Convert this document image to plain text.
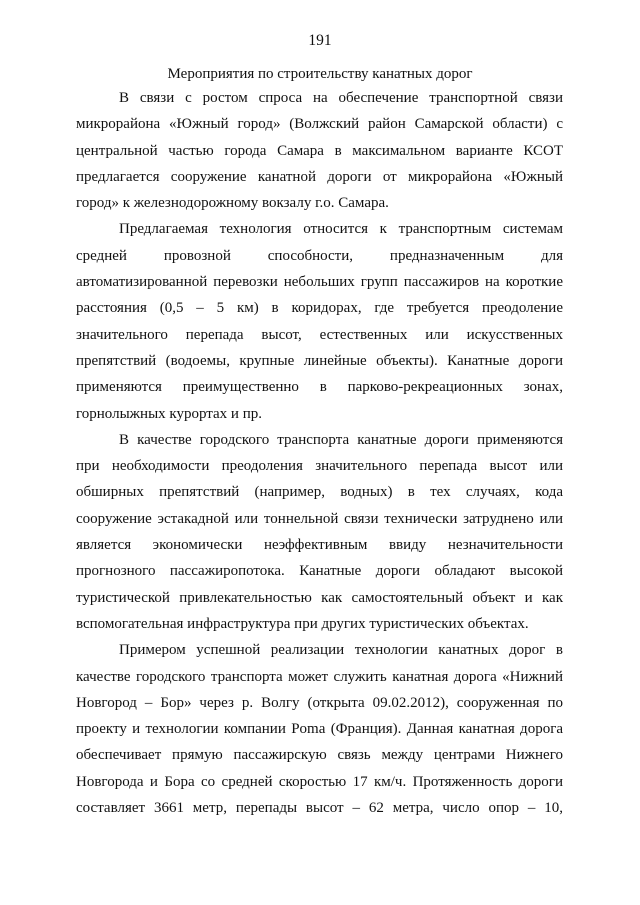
191
Мероприятия по строительству канатных дорог
В связи с ростом спроса на обеспечение транспортной связи
микрорайона «Южный город» (Волжский район Самарской области) с
центральной частью города Самара в максимальном варианте КСОТ
предлагается сооружение канатной дороги от микрорайона «Южный
город» к железнодорожному вокзалу г.о. Самара.
Предлагаемая технология относится к транспортным системам
средней провозной способности, предназначенным для
автоматизированной перевозки небольших групп пассажиров на короткие
расстояния (0,5 – 5 км) в коридорах, где требуется преодоление
значительного перепада высот, естественных или искусственных
препятствий (водоемы, крупные линейные объекты). Канатные дороги
применяются преимущественно в парково-рекреационных зонах,
горнолыжных курортах и пр.
В качестве городского транспорта канатные дороги применяются
при необходимости преодоления значительного перепада высот или
обширных препятствий (например, водных) в тех случаях, кода
сооружение эстакадной или тоннельной связи технически затруднено или
является экономически неэффективным ввиду незначительности
прогнозного пассажиропотока. Канатные дороги обладают высокой
туристической привлекательностью как самостоятельный объект и как
вспомогательная инфраструктура при других туристических объектах.
Примером успешной реализации технологии канатных дорог в
качестве городского транспорта может служить канатная дорога «Нижний
Новгород – Бор» через р. Волгу (открыта 09.02.2012), сооруженная по
проекту и технологии компании Poma (Франция). Данная канатная дорога
обеспечивает прямую пассажирскую связь между центрами Нижнего
Новгорода и Бора со средней скоростью 17 км/ч. Протяженность дороги
составляет 3661 метр, перепады высот – 62 метра, число опор – 10,
